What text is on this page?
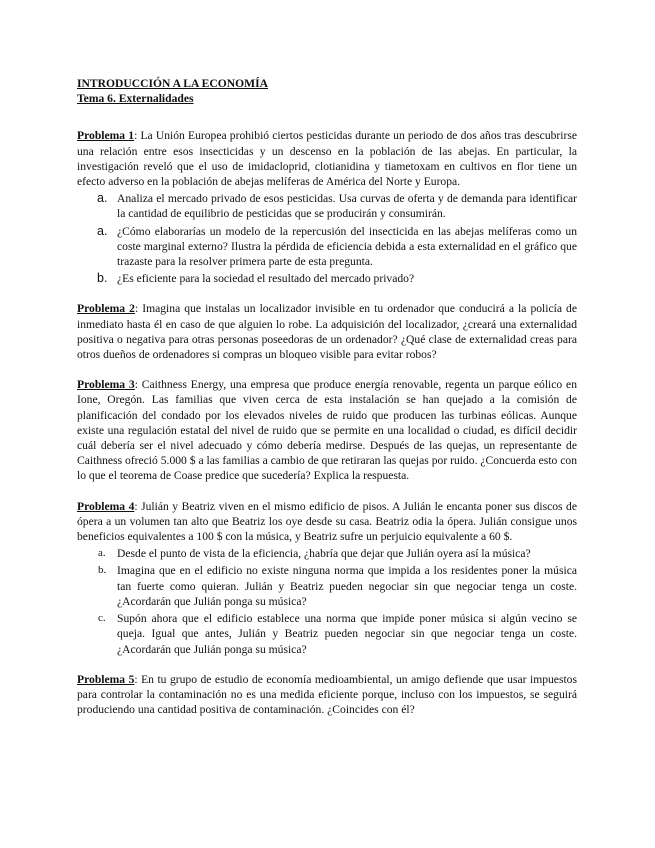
INTRODUCCIÓN A LA ECONOMÍA

Tema 6. Externalidades

Problema 1: La Unión Europea prohibió ciertos pesticidas durante un periodo de dos años tras descubrirse una relación entre esos insecticidas y un descenso en la población de las abejas. En particular, la investigación reveló que el uso de imidacloprid, clotianidina y tiametoxam en cultivos en flor tiene un efecto adverso en la población de abejas melíferas de América del Norte y Europa.
a. Analiza el mercado privado de esos pesticidas. Usa curvas de oferta y de demanda para identificar la cantidad de equilibrio de pesticidas que se producirán y consumirán.
a. ¿Cómo elaborarías un modelo de la repercusión del insecticida en las abejas melíferas como un coste marginal externo? Ilustra la pérdida de eficiencia debida a esta externalidad en el gráfico que trazaste para la resolver primera parte de esta pregunta.
b. ¿Es eficiente para la sociedad el resultado del mercado privado?
Problema 2: Imagina que instalas un localizador invisible en tu ordenador que conducirá a la policía de inmediato hasta él en caso de que alguien lo robe. La adquisición del localizador, ¿creará una externalidad positiva o negativa para otras personas poseedoras de un ordenador? ¿Qué clase de externalidad creas para otros dueños de ordenadores si compras un bloqueo visible para evitar robos?
Problema 3: Caithness Energy, una empresa que produce energía renovable, regenta un parque eólico en Ione, Oregón. Las familias que viven cerca de esta instalación se han quejado a la comisión de planificación del condado por los elevados niveles de ruido que producen las turbinas eólicas. Aunque existe una regulación estatal del nivel de ruido que se permite en una localidad o ciudad, es difícil decidir cuál debería ser el nivel adecuado y cómo debería medirse. Después de las quejas, un representante de Caithness ofreció 5.000 $ a las familias a cambio de que retiraran las quejas por ruido. ¿Concuerda esto con lo que el teorema de Coase predice que sucedería? Explica la respuesta.
Problema 4: Julián y Beatriz viven en el mismo edificio de pisos. A Julián le encanta poner sus discos de ópera a un volumen tan alto que Beatriz los oye desde su casa. Beatriz odia la ópera. Julián consigue unos beneficios equivalentes a 100 $ con la música, y Beatriz sufre un perjuicio equivalente a 60 $.
a. Desde el punto de vista de la eficiencia, ¿habría que dejar que Julián oyera así la música?
b. Imagina que en el edificio no existe ninguna norma que impida a los residentes poner la música tan fuerte como quieran. Julián y Beatriz pueden negociar sin que negociar tenga un coste. ¿Acordarán que Julián ponga su música?
c. Supón ahora que el edificio establece una norma que impide poner música si algún vecino se queja. Igual que antes, Julián y Beatriz pueden negociar sin que negociar tenga un coste. ¿Acordarán que Julián ponga su música?
Problema 5: En tu grupo de estudio de economía medioambiental, un amigo defiende que usar impuestos para controlar la contaminación no es una medida eficiente porque, incluso con los impuestos, se seguirá produciendo una cantidad positiva de contaminación. ¿Coincides con él?
